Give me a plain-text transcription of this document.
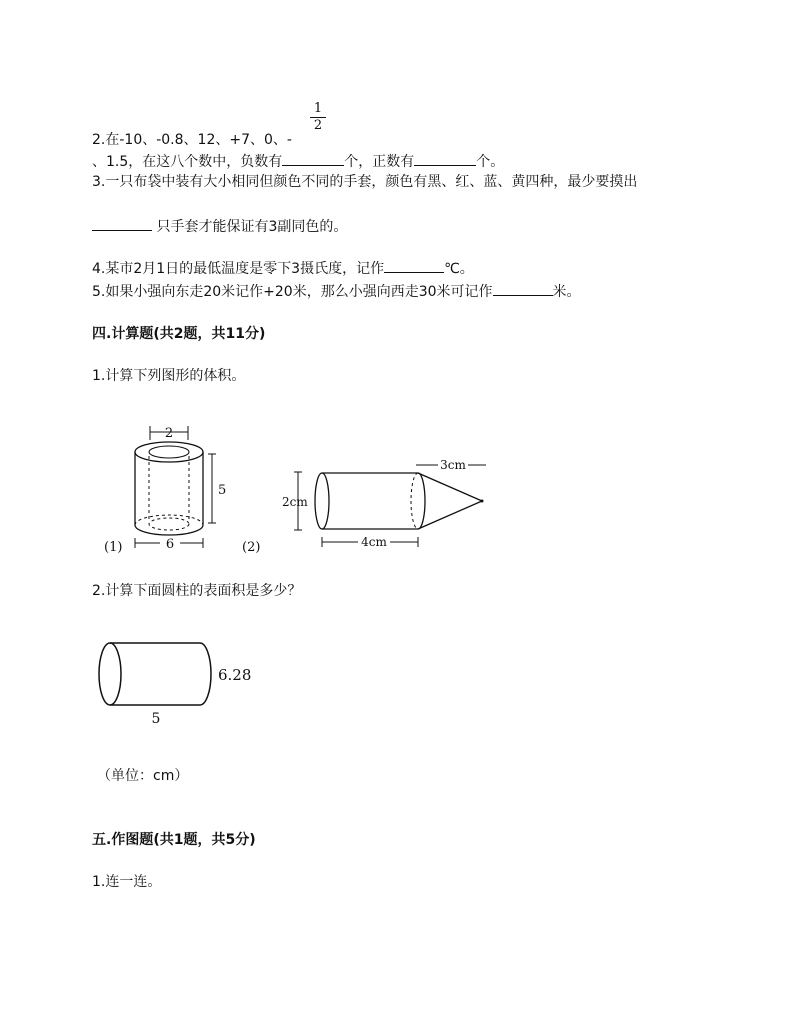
1
2
2.在-10、-0.8、12、+7、0、-
、1.5，在这八个数中，负数有	个，正数有	个。
3.一只布袋中装有大小相同但颜色不同的手套，颜色有黑、红、蓝、黄四种，最少要摸出
只手套才能保证有3副同色的。
4.某市2月1日的最低温度是零下3摄氏度，记作	℃。
5.如果小强向东走20米记作+20米，那么小强向西走30米可记作	米。
四.计算题(共2题，共11分)
1.计算下列图形的体积。
2
5
6
(1)	(2)
3cm
2cm
4cm
2.计算下面圆柱的表面积是多少？
6.28
5
（单位：cm）
五.作图题(共1题，共5分)
1.连一连。
